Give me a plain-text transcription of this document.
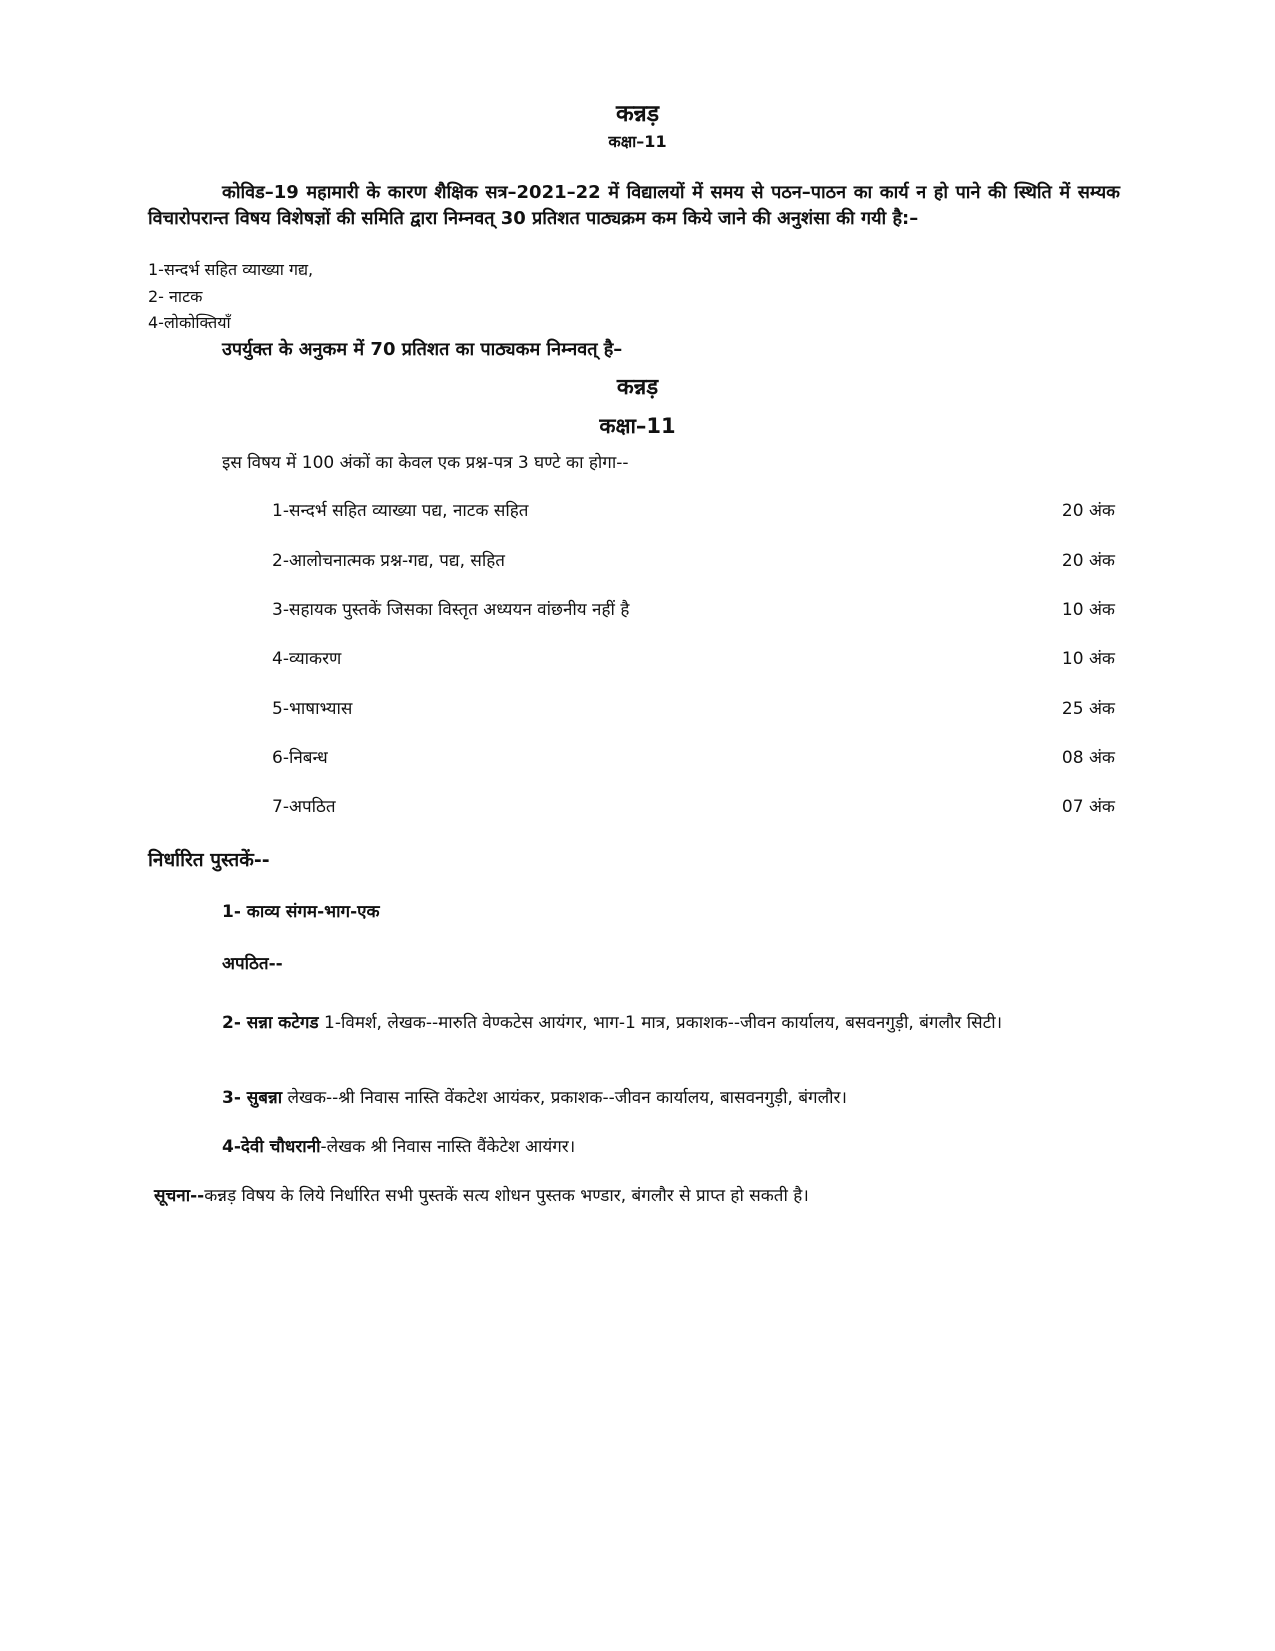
कन्नड़
कक्षा–11
कोविड–19 महामारी के कारण शैक्षिक सत्र–2021–22 में विद्यालयों में समय से पठन–पाठन का कार्य न हो पाने की स्थिति में सम्यक विचारोपरान्त विषय विशेषज्ञों की समिति द्वारा निम्नवत् 30 प्रतिशत पाठ्यक्रम कम किये जाने की अनुशंसा की गयी है:–
1-सन्दर्भ सहित व्याख्या गद्य,
2- नाटक
4-लोकोक्तियाँ
उपर्युक्त के अनुकम में 70 प्रतिशत का पाठ्यकम निम्नवत् है–
कन्नड़
कक्षा–11
इस विषय में 100 अंकों का केवल एक प्रश्न-पत्र 3 घण्टे का होगा--
1-सन्दर्भ सहित व्याख्या पद्य, नाटक सहित	20 अंक
2-आलोचनात्मक प्रश्न-गद्य, पद्य, सहित	20 अंक
3-सहायक पुस्तकें जिसका विस्तृत अध्ययन वांछनीय नहीं है	10 अंक
4-व्याकरण	10 अंक
5-भाषाभ्यास	25 अंक
6-निबन्ध	08 अंक
7-अपठित	07 अंक
निर्धारित पुस्तकें--
1- काव्य संगम-भाग-एक
अपठित--
2- सन्ना कटेगड 1-विमर्श, लेखक--मारुति वेण्कटेस आयंगर, भाग-1 मात्र, प्रकाशक--जीवन कार्यालय, बसवनगुड़ी, बंगलौर सिटी।
3- सुबन्ना लेखक--श्री निवास नास्ति वेंकटेश आयंकर, प्रकाशक--जीवन कार्यालय, बासवनगुड़ी, बंगलौर।
4-देवी चौधरानी-लेखक श्री निवास नास्ति वैंकेटेश आयंगर।
सूचना--कन्नड़ विषय के लिये निर्धारित सभी पुस्तकें सत्य शोधन पुस्तक भण्डार, बंगलौर से प्राप्त हो सकती है।
